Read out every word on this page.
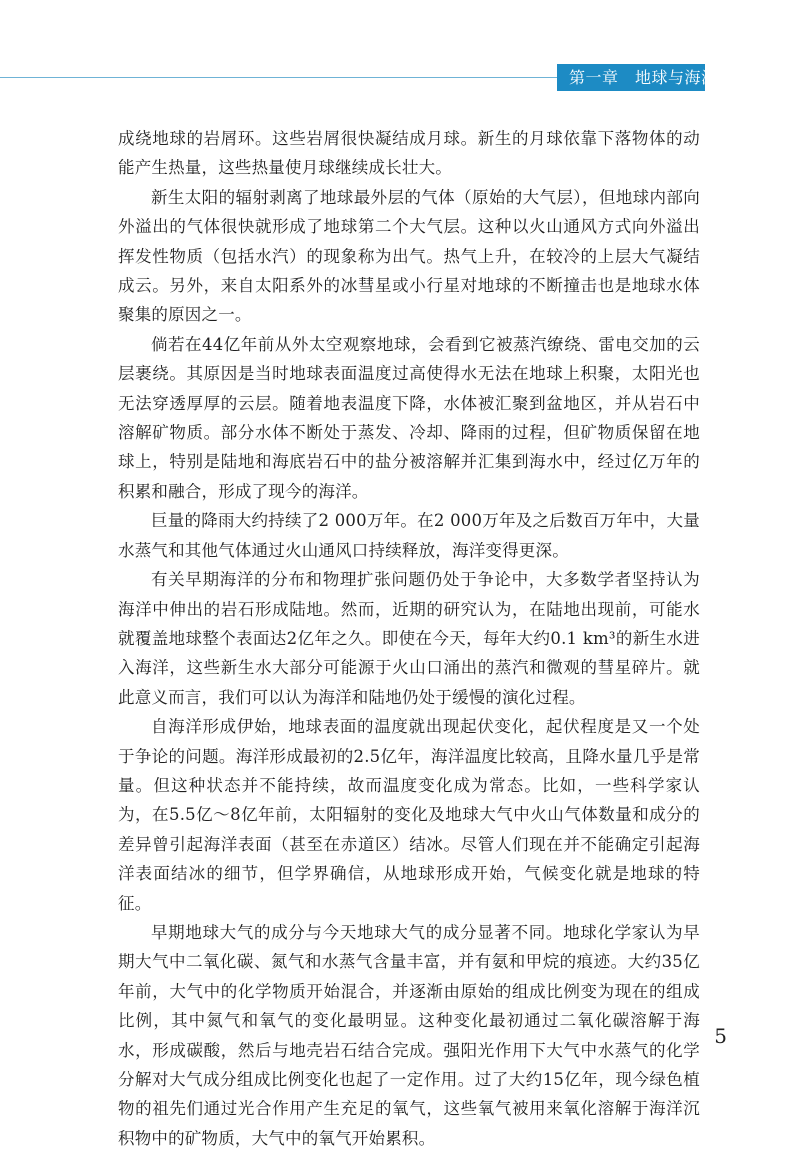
第一章　地球与海洋

成绕地球的岩屑环。这些岩屑很快凝结成月球。新生的月球依靠下落物体的动能产生热量，这些热量使月球继续成长壮大。

新生太阳的辐射剥离了地球最外层的气体（原始的大气层），但地球内部向外溢出的气体很快就形成了地球第二个大气层。这种以火山通风方式向外溢出挥发性物质（包括水汽）的现象称为出气。热气上升，在较冷的上层大气凝结成云。另外，来自太阳系外的冰彗星或小行星对地球的不断撞击也是地球水体聚集的原因之一。

倘若在44亿年前从外太空观察地球，会看到它被蒸汽缭绕、雷电交加的云层裹绕。其原因是当时地球表面温度过高使得水无法在地球上积聚，太阳光也无法穿透厚厚的云层。随着地表温度下降，水体被汇聚到盆地区，并从岩石中溶解矿物质。部分水体不断处于蒸发、冷却、降雨的过程，但矿物质保留在地球上，特别是陆地和海底岩石中的盐分被溶解并汇集到海水中，经过亿万年的积累和融合，形成了现今的海洋。

巨量的降雨大约持续了2 000万年。在2 000万年及之后数百万年中，大量水蒸气和其他气体通过火山通风口持续释放，海洋变得更深。

有关早期海洋的分布和物理扩张问题仍处于争论中，大多数学者坚持认为海洋中伸出的岩石形成陆地。然而，近期的研究认为，在陆地出现前，可能水就覆盖地球整个表面达2亿年之久。即使在今天，每年大约0.1 km³的新生水进入海洋，这些新生水大部分可能源于火山口涌出的蒸汽和微观的彗星碎片。就此意义而言，我们可以认为海洋和陆地仍处于缓慢的演化过程。

自海洋形成伊始，地球表面的温度就出现起伏变化，起伏程度是又一个处于争论的问题。海洋形成最初的2.5亿年，海洋温度比较高，且降水量几乎是常量。但这种状态并不能持续，故而温度变化成为常态。比如，一些科学家认为，在5.5亿～8亿年前，太阳辐射的变化及地球大气中火山气体数量和成分的差异曾引起海洋表面（甚至在赤道区）结冰。尽管人们现在并不能确定引起海洋表面结冰的细节，但学界确信，从地球形成开始，气候变化就是地球的特征。

早期地球大气的成分与今天地球大气的成分显著不同。地球化学家认为早期大气中二氧化碳、氮气和水蒸气含量丰富，并有氨和甲烷的痕迹。大约35亿年前，大气中的化学物质开始混合，并逐渐由原始的组成比例变为现在的组成比例，其中氮气和氧气的变化最明显。这种变化最初通过二氧化碳溶解于海水，形成碳酸，然后与地壳岩石结合完成。强阳光作用下大气中水蒸气的化学分解对大气成分组成比例变化也起了一定作用。过了大约15亿年，现今绿色植物的祖先们通过光合作用产生充足的氧气，这些氧气被用来氧化溶解于海洋沉积物中的矿物质，大气中的氧气开始累积。

5
